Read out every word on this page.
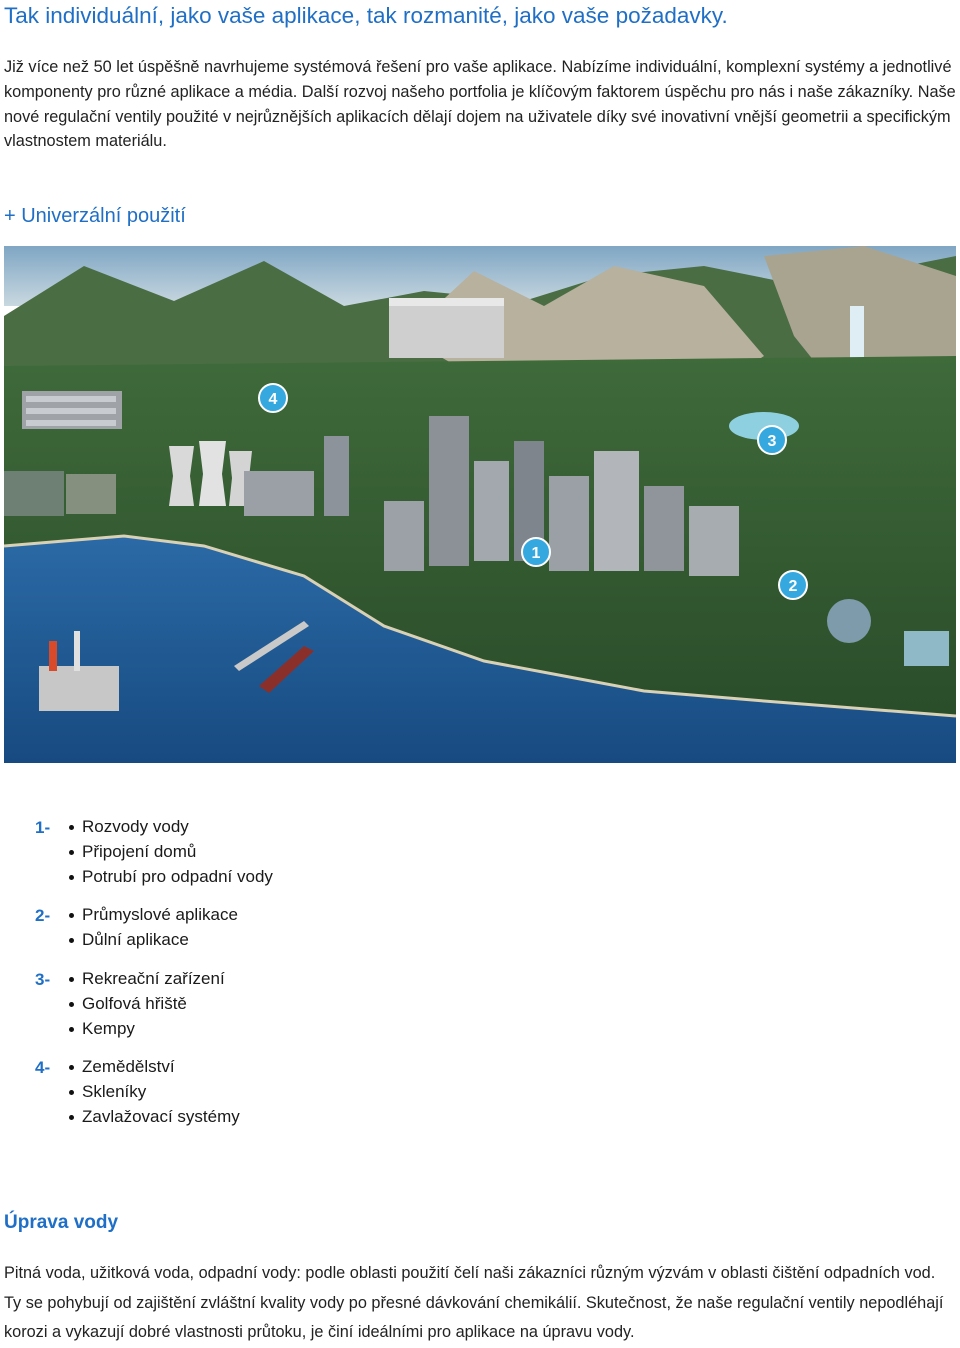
Tak individuální, jako vaše aplikace, tak rozmanité, jako vaše požadavky.

Již více než 50 let úspěšně navrhujeme systémová řešení pro vaše aplikace. Nabízíme individuální, komplexní systémy a jednotlivé komponenty pro různé aplikace a média. Další rozvoj našeho portfolia je klíčovým faktorem úspěchu pro nás i naše zákazníky. Naše nové regulační ventily použité v nejrůznějších aplikacích dělají dojem na uživatele díky své inovativní vnější geometrii a specifickým vlastnostem materiálu.

+ Univerzální použití
4
3
1
2
1-	Rozvody vody
Připojení domů
Potrubí pro odpadní vody
2-	Průmyslové aplikace
Důlní aplikace
3-	Rekreační zařízení
Golfová hřiště
Kempy
4-	Zemědělství
Skleníky
Zavlažovací systémy
Úprava vody

Pitná voda, užitková voda, odpadní vody: podle oblasti použití čelí naši zákazníci různým výzvám v oblasti čištění odpadních vod. Ty se pohybují od zajištění zvláštní kvality vody po přesné dávkování chemikálií. Skutečnost, že naše regulační ventily nepodléhají korozi a vykazují dobré vlastnosti průtoku, je činí ideálními pro aplikace na úpravu vody.
